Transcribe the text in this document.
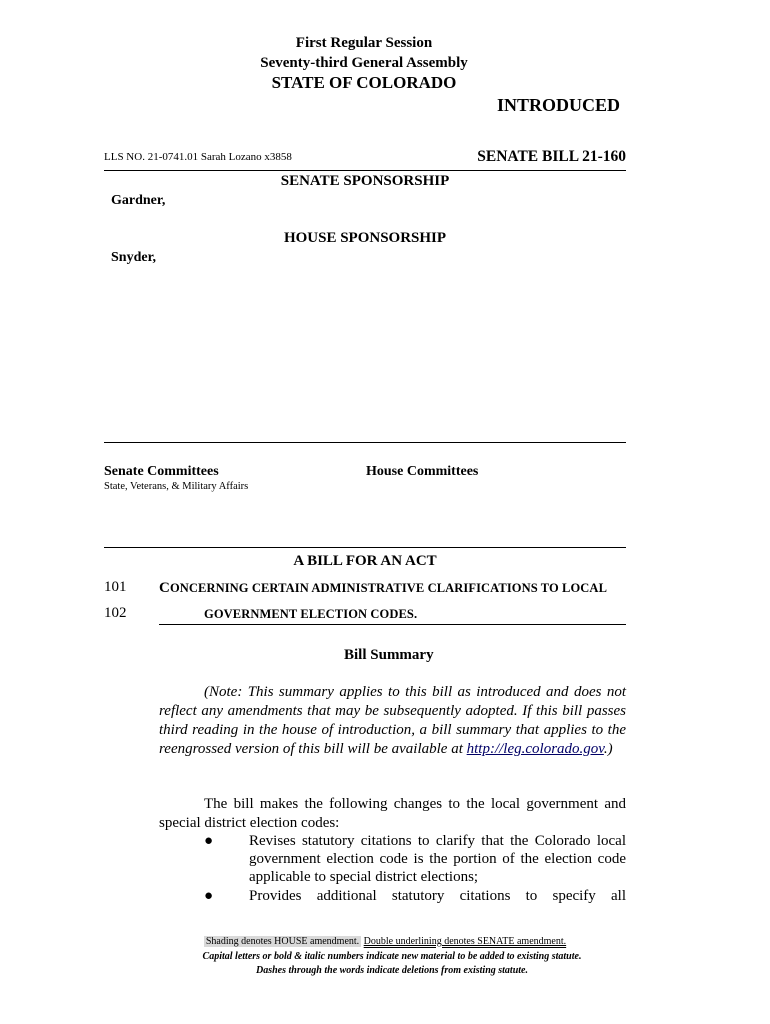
First Regular Session
Seventy-third General Assembly
STATE OF COLORADO
INTRODUCED
LLS NO. 21-0741.01 Sarah Lozano x3858	SENATE BILL 21-160
SENATE SPONSORSHIP
Gardner,
HOUSE SPONSORSHIP
Snyder,
Senate Committees
State, Veterans, & Military Affairs
House Committees
A BILL FOR AN ACT
101 CONCERNING CERTAIN ADMINISTRATIVE CLARIFICATIONS TO LOCAL
102	GOVERNMENT ELECTION CODES.
Bill Summary
(Note: This summary applies to this bill as introduced and does not reflect any amendments that may be subsequently adopted. If this bill passes third reading in the house of introduction, a bill summary that applies to the reengrossed version of this bill will be available at http://leg.colorado.gov.)
The bill makes the following changes to the local government and special district election codes:
● Revises statutory citations to clarify that the Colorado local government election code is the portion of the election code applicable to special district elections;
● Provides additional statutory citations to specify all
Shading denotes HOUSE amendment. Double underlining denotes SENATE amendment.
Capital letters or bold & italic numbers indicate new material to be added to existing statute.
Dashes through the words indicate deletions from existing statute.
